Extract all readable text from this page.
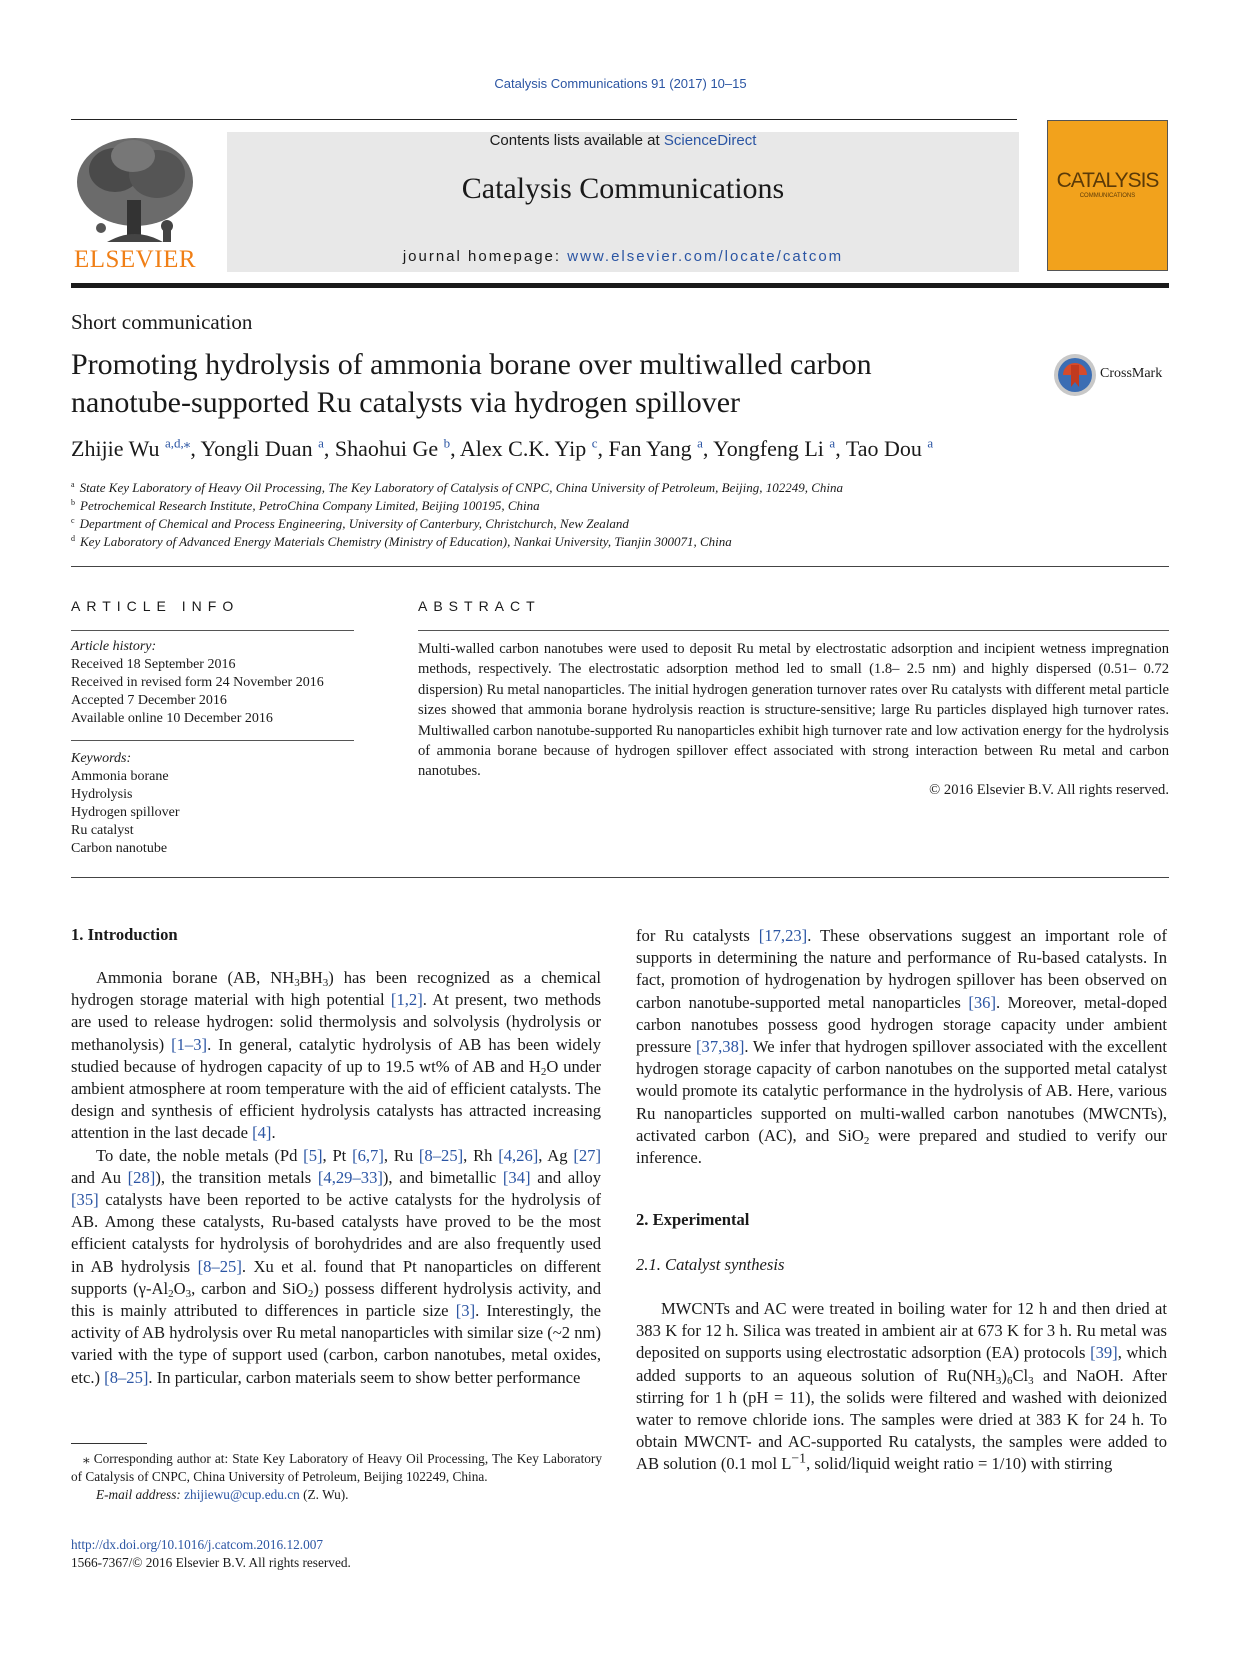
Catalysis Communications 91 (2017) 10–15
ELSEVIER
Contents lists available at ScienceDirect
Catalysis Communications
journal homepage: www.elsevier.com/locate/catcom
CATALYSIS
COMMUNICATIONS
Short communication
Promoting hydrolysis of ammonia borane over multiwalled carbon nanotube-supported Ru catalysts via hydrogen spillover
CrossMark
Zhijie Wu $^{a,d,⁎}$, Yongli Duan $^a$, Shaohui Ge $^b$, Alex C.K. Yip $^c$, Fan Yang $^a$, Yongfeng Li $^a$, Tao Dou $^a$
$^a$ State Key Laboratory of Heavy Oil Processing, The Key Laboratory of Catalysis of CNPC, China University of Petroleum, Beijing, 102249, China
$^b$ Petrochemical Research Institute, PetroChina Company Limited, Beijing 100195, China
$^c$ Department of Chemical and Process Engineering, University of Canterbury, Christchurch, New Zealand
$^d$ Key Laboratory of Advanced Energy Materials Chemistry (Ministry of Education), Nankai University, Tianjin 300071, China
ARTICLE INFO
Article history:
Received 18 September 2016
Received in revised form 24 November 2016
Accepted 7 December 2016
Available online 10 December 2016
Keywords:
Ammonia borane
Hydrolysis
Hydrogen spillover
Ru catalyst
Carbon nanotube
ABSTRACT
Multi-walled carbon nanotubes were used to deposit Ru metal by electrostatic adsorption and incipient wetness impregnation methods, respectively. The electrostatic adsorption method led to small (1.8– 2.5 nm) and highly dispersed (0.51– 0.72 dispersion) Ru metal nanoparticles. The initial hydrogen generation turnover rates over Ru catalysts with different metal particle sizes showed that ammonia borane hydrolysis reaction is structure-sensitive; large Ru particles displayed high turnover rates. Multiwalled carbon nanotube-supported Ru nanoparticles exhibit high turnover rate and low activation energy for the hydrolysis of ammonia borane because of hydrogen spillover effect associated with strong interaction between Ru metal and carbon nanotubes.
© 2016 Elsevier B.V. All rights reserved.
1. Introduction

Ammonia borane (AB, $NH_3BH_3$) has been recognized as a chemical hydrogen storage material with high potential [1,2]. At present, two methods are used to release hydrogen: solid thermolysis and solvolysis (hydrolysis or methanolysis) [1–3]. In general, catalytic hydrolysis of AB has been widely studied because of hydrogen capacity of up to 19.5 wt% of AB and $H_2O$ under ambient atmosphere at room temperature with the aid of efficient catalysts. The design and synthesis of efficient hydrolysis catalysts has attracted increasing attention in the last decade [4].

To date, the noble metals (Pd [5], Pt [6,7], Ru [8–25], Rh [4,26], Ag [27] and Au [28]), the transition metals [4,29–33]), and bimetallic [34] and alloy [35] catalysts have been reported to be active catalysts for the hydrolysis of AB. Among these catalysts, Ru-based catalysts have proved to be the most efficient catalysts for hydrolysis of borohydrides and are also frequently used in AB hydrolysis [8–25]. Xu et al. found that Pt nanoparticles on different supports ($\gamma-Al_2O_3$, carbon and SiO$_2$) possess different hydrolysis activity, and this is mainly attributed to differences in particle size [3]. Interestingly, the activity of AB hydrolysis over Ru metal nanoparticles with similar size (~2 nm) varied with the type of support used (carbon, carbon nanotubes, metal oxides, etc.) [8–25]. In particular, carbon materials seem to show better performance

for Ru catalysts [17,23]. These observations suggest an important role of supports in determining the nature and performance of Ru-based catalysts. In fact, promotion of hydrogenation by hydrogen spillover has been observed on carbon nanotube-supported metal nanoparticles [36]. Moreover, metal-doped carbon nanotubes possess good hydrogen storage capacity under ambient pressure [37,38]. We infer that hydrogen spillover associated with the excellent hydrogen storage capacity of carbon nanotubes on the supported metal catalyst would promote its catalytic performance in the hydrolysis of AB. Here, various Ru nanoparticles supported on multi-walled carbon nanotubes (MWCNTs), activated carbon (AC), and SiO$_2$ were prepared and studied to verify our inference.

2. Experimental
2.1. Catalyst synthesis

MWCNTs and AC were treated in boiling water for 12 h and then dried at 383 K for 12 h. Silica was treated in ambient air at 673 K for 3 h. Ru metal was deposited on supports using electrostatic adsorption (EA) protocols [39], which added supports to an aqueous solution of $Ru(NH_3)_6Cl_3$ and NaOH. After stirring for 1 h (pH = 11), the solids were filtered and washed with deionized water to remove chloride ions. The samples were dried at 383 K for 24 h. To obtain MWCNT- and AC-supported Ru catalysts, the samples were added to AB solution (0.1 mol $L^{-1}$, solid/liquid weight ratio = 1/10) with stirring

⁎ Corresponding author at: State Key Laboratory of Heavy Oil Processing, The Key Laboratory of Catalysis of CNPC, China University of Petroleum, Beijing 102249, China.
E-mail address: zhijiewu@cup.edu.cn (Z. Wu).
http://dx.doi.org/10.1016/j.catcom.2016.12.007
1566-7367/© 2016 Elsevier B.V. All rights reserved.
